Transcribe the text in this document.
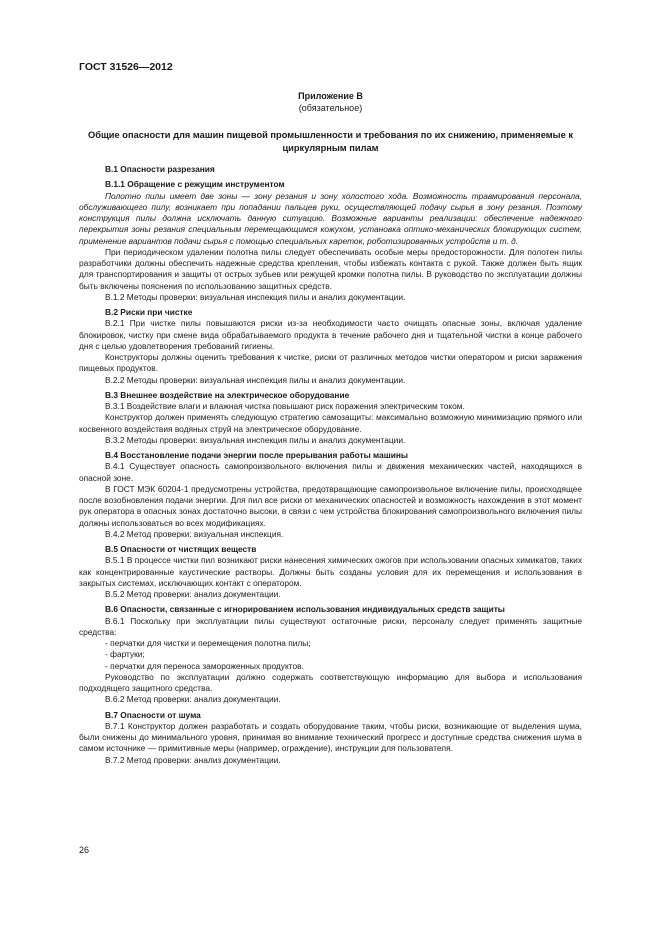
ГОСТ 31526—2012
Приложение В
(обязательное)
Общие опасности для машин пищевой промышленности и требования по их снижению, применяемые к циркулярным пилам

В.1 Опасности разрезания

В.1.1 Обращение с режущим инструментом

Полотно пилы имеет две зоны — зону резания и зону холостого хода. Возможность травмирования персонала, обслуживающего пилу, возникает при попадании пальцев руки, осуществляющей подачу сырья в зону резания. Поэтому конструкция пилы должна исключать данную ситуацию. Возможные варианты реализации: обеспечение надежного перекрытия зоны резания специальным перемещающимся кожухом, установка оптико-механических блокирующих систем, применение вариантов подачи сырья с помощью специальных кареток, роботизированных устройств и т. д.

При периодическом удалении полотна пилы следует обеспечивать особые меры предосторожности. Для полотен пилы разработчики должны обеспечить надежные средства крепления, чтобы избежать контакта с рукой. Также должен быть ящик для транспортирования и защиты от острых зубьев или режущей кромки полотна пилы. В руководство по эксплуатации должны быть включены пояснения по использованию защитных средств.

В.1.2 Методы проверки: визуальная инспекция пилы и анализ документации.

В.2 Риски при чистке

В.2.1 При чистке пилы повышаются риски из-за необходимости часто очищать опасные зоны, включая удаление блокировок, чистку при смене вида обрабатываемого продукта в течение рабочего дня и тщательной чистки в конце рабочего дня с целью удовлетворения требований гигиены.

Конструкторы должны оценить требования к чистке, риски от различных методов чистки оператором и риски заражения пищевых продуктов.

В.2.2 Методы проверки: визуальная инспекция пилы и анализ документации.

В.3 Внешнее воздействие на электрическое оборудование

В.3.1 Воздействие влаги и влажная чистка повышают риск поражения электрическим током.

Конструктор должен применять следующую стратегию самозащиты: максимально возможную минимизацию прямого или косвенного воздействия водяных струй на электрическое оборудование.

В.3.2 Методы проверки: визуальная инспекция пилы и анализ документации.

В.4 Восстановление подачи энергии после прерывания работы машины

В.4.1 Существует опасность самопроизвольного включения пилы и движения механических частей, находящихся в опасной зоне.

В ГОСТ МЭК 60204-1 предусмотрены устройства, предотвращающие самопроизвольное включение пилы, происходящее после возобновления подачи энергии. Для пил все риски от механических опасностей и возможность нахождения в этот момент рук оператора в опасных зонах достаточно высоки, в связи с чем устройства блокирования самопроизвольного включения пилы должны использоваться во всех модификациях.

В.4.2 Метод проверки: визуальная инспекция.

В.5 Опасности от чистящих веществ

В.5.1 В процессе чистки пил возникают риски нанесения химических ожогов при использовании опасных химикатов, таких как концентрированные каустические растворы. Должны быть созданы условия для их перемещения и использования в закрытых системах, исключающих контакт с оператором.

В.5.2 Метод проверки: анализ документации.

В.6 Опасности, связанные с игнорированием использования индивидуальных средств защиты

В.6.1 Поскольку при эксплуатации пилы существуют остаточные риски, персоналу следует применять защитные средства:

- перчатки для чистки и перемещения полотна пилы;

- фартуки;

- перчатки для переноса замороженных продуктов.

Руководство по эксплуатации должно содержать соответствующую информацию для выбора и использования подходящего защитного средства.

В.6.2 Метод проверки: анализ документации.

В.7 Опасности от шума

В.7.1 Конструктор должен разработать и создать оборудование таким, чтобы риски, возникающие от выделения шума, были снижены до минимального уровня, принимая во внимание технический прогресс и доступные средства снижения шума в самом источнике — примитивные меры (например, ограждение), инструкции для пользователя.

В.7.2 Метод проверки: анализ документации.

26
